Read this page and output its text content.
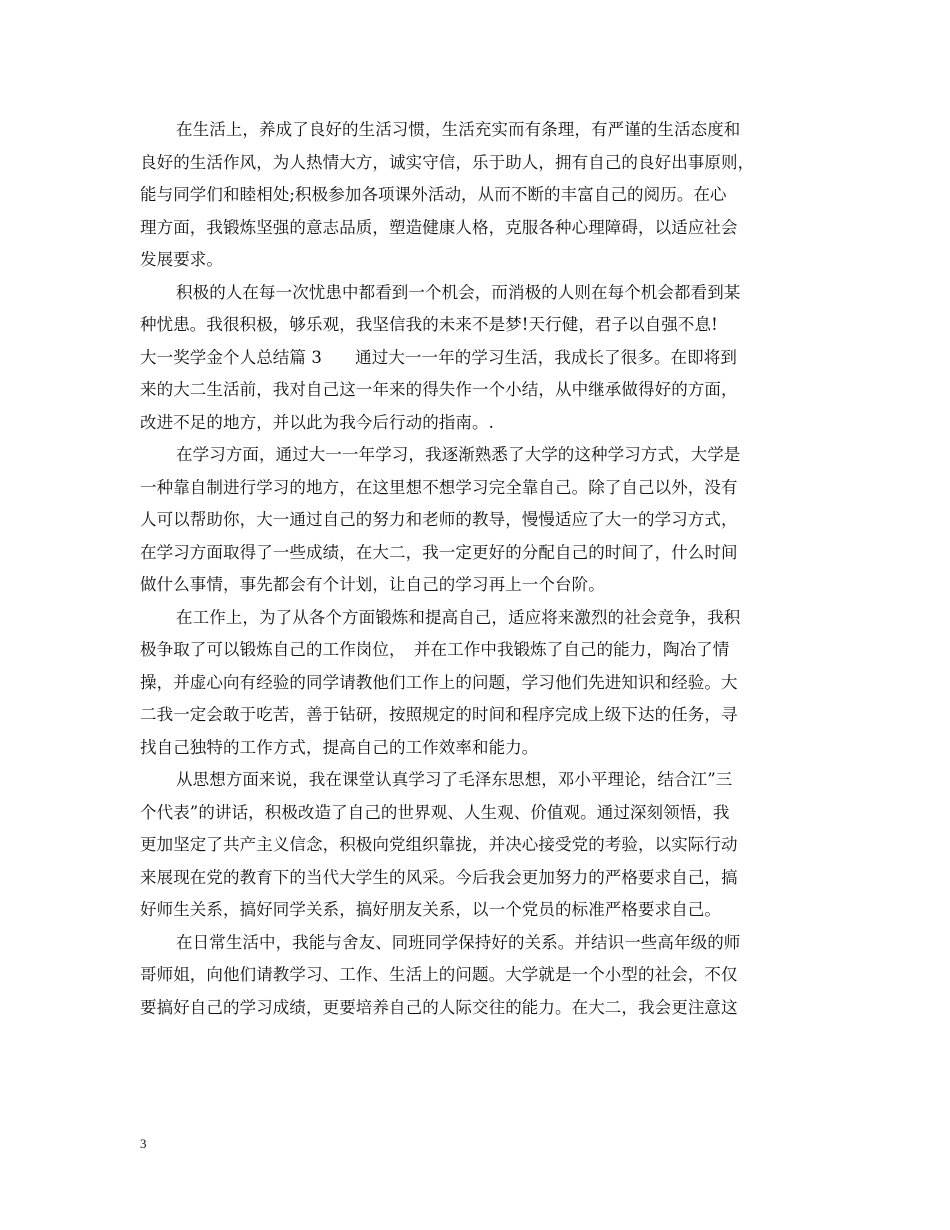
在生活上，养成了良好的生活习惯，生活充实而有条理，有严谨的生活态度和
良好的生活作风，为人热情大方，诚实守信，乐于助人，拥有自己的良好出事原则，
能与同学们和睦相处;积极参加各项课外活动，从而不断的丰富自己的阅历。在心
理方面，我锻炼坚强的意志品质，塑造健康人格，克服各种心理障碍，以适应社会
发展要求。
积极的人在每一次忧患中都看到一个机会，而消极的人则在每个机会都看到某
种忧患。我很积极，够乐观，我坚信我的未来不是梦!天行健，君子以自强不息!
大一奖学金个人总结篇 3　　通过大一一年的学习生活，我成长了很多。在即将到
来的大二生活前，我对自己这一年来的得失作一个小结，从中继承做得好的方面，
改进不足的地方，并以此为我今后行动的指南。.
在学习方面，通过大一一年学习，我逐渐熟悉了大学的这种学习方式，大学是
一种靠自制进行学习的地方，在这里想不想学习完全靠自己。除了自己以外，没有
人可以帮助你，大一通过自己的努力和老师的教导，慢慢适应了大一的学习方式，
在学习方面取得了一些成绩，在大二，我一定更好的分配自己的时间了，什么时间
做什么事情，事先都会有个计划，让自己的学习再上一个台阶。
在工作上，为了从各个方面锻炼和提高自己，适应将来激烈的社会竞争，我积
极争取了可以锻炼自己的工作岗位，　并在工作中我锻炼了自己的能力，陶冶了情
操，并虚心向有经验的同学请教他们工作上的问题，学习他们先进知识和经验。大
二我一定会敢于吃苦，善于钻研，按照规定的时间和程序完成上级下达的任务，寻
找自己独特的工作方式，提高自己的工作效率和能力。
从思想方面来说，我在课堂认真学习了毛泽东思想，邓小平理论，结合江”三
个代表”的讲话，积极改造了自己的世界观、人生观、价值观。通过深刻领悟，我
更加坚定了共产主义信念，积极向党组织靠拢，并决心接受党的考验，以实际行动
来展现在党的教育下的当代大学生的风采。今后我会更加努力的严格要求自己，搞
好师生关系，搞好同学关系，搞好朋友关系，以一个党员的标准严格要求自己。
在日常生活中，我能与舍友、同班同学保持好的关系。并结识一些高年级的师
哥师姐，向他们请教学习、工作、生活上的问题。大学就是一个小型的社会，不仅
要搞好自己的学习成绩，更要培养自己的人际交往的能力。在大二，我会更注意这
3
